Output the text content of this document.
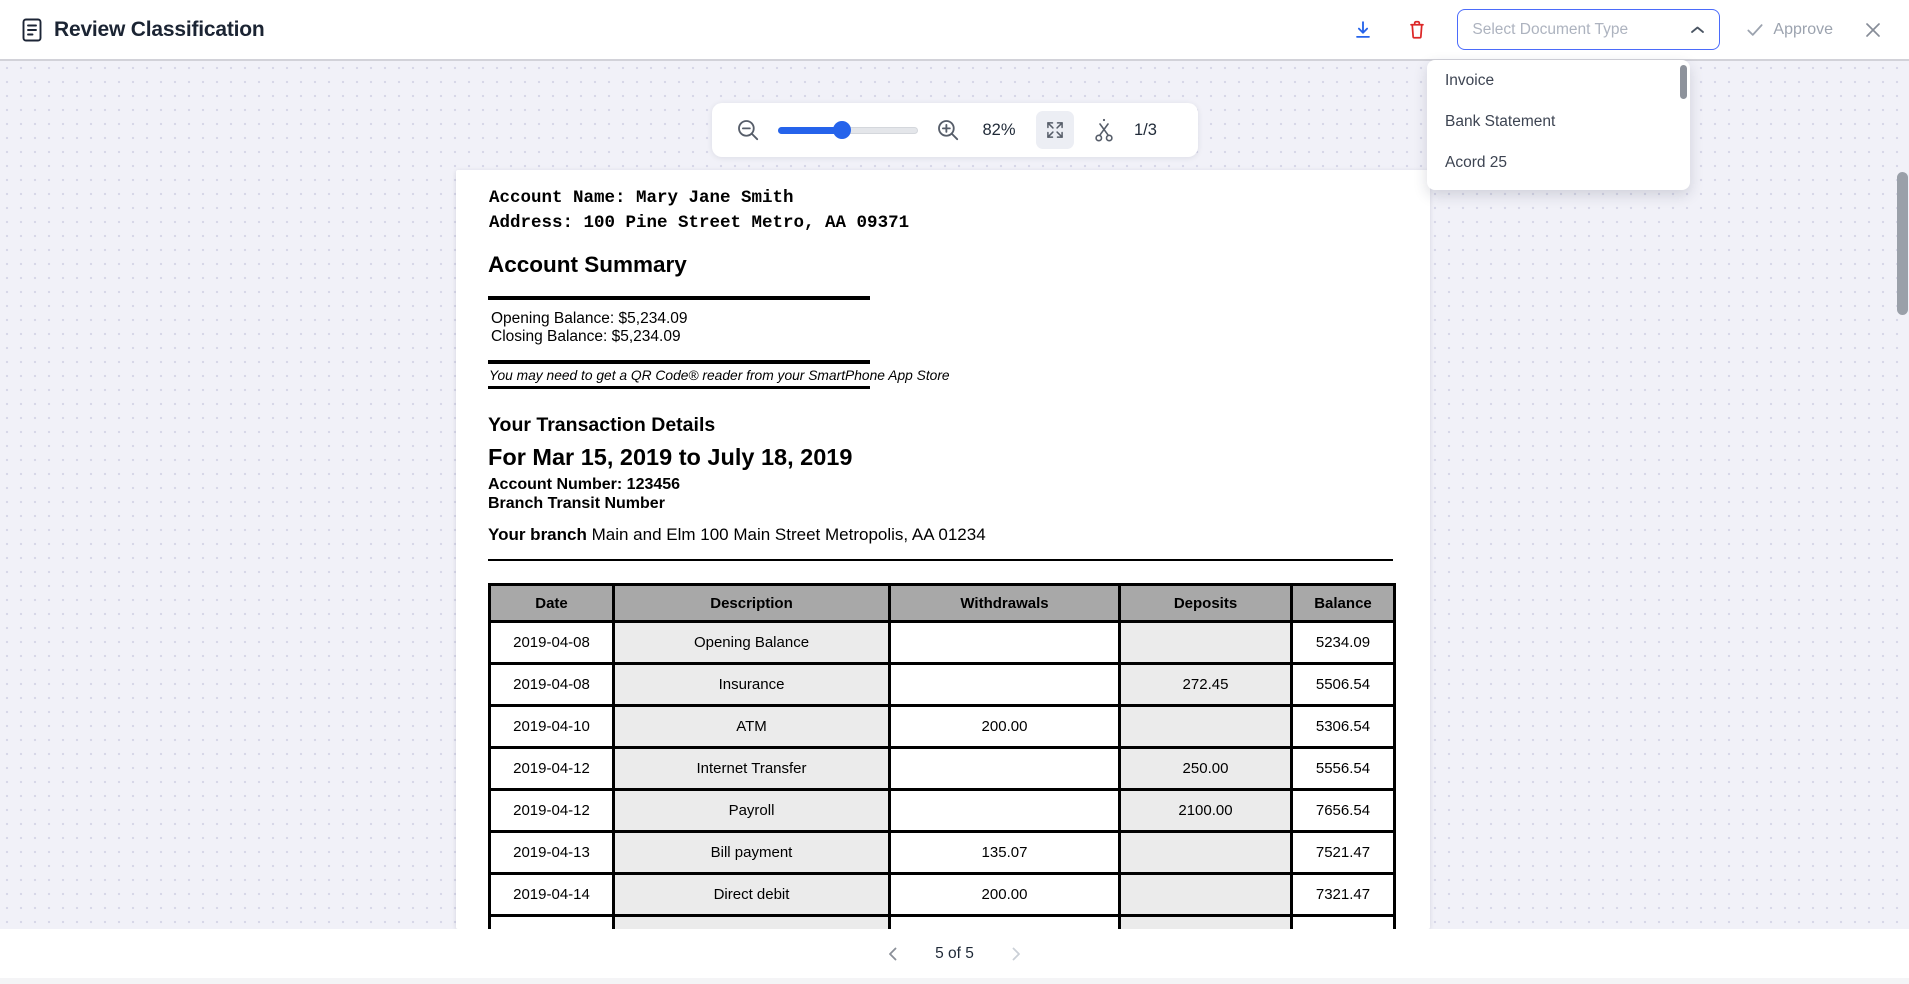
Review Classification	Select Document Type	Approve
Invoice
Bank Statement
Acord 25
82%	1/3
Account Name: Mary Jane Smith
Address: 100 Pine Street Metro, AA 09371
Account Summary
Opening Balance: $5,234.09
Closing Balance: $5,234.09
You may need to get a QR Code® reader from your SmartPhone App Store
Your Transaction Details
For Mar 15, 2019 to July 18, 2019
Account Number: 123456
Branch Transit Number
Your branch Main and Elm 100 Main Street Metropolis, AA 01234
Date	Description	Withdrawals	Deposits	Balance
2019-04-08	Opening Balance			5234.09
2019-04-08	Insurance		272.45	5506.54
2019-04-10	ATM	200.00		5306.54
2019-04-12	Internet Transfer		250.00	5556.54
2019-04-12	Payroll		2100.00	7656.54
2019-04-13	Bill payment	135.07		7521.47
2019-04-14	Direct debit	200.00		7321.47

5 of 5
